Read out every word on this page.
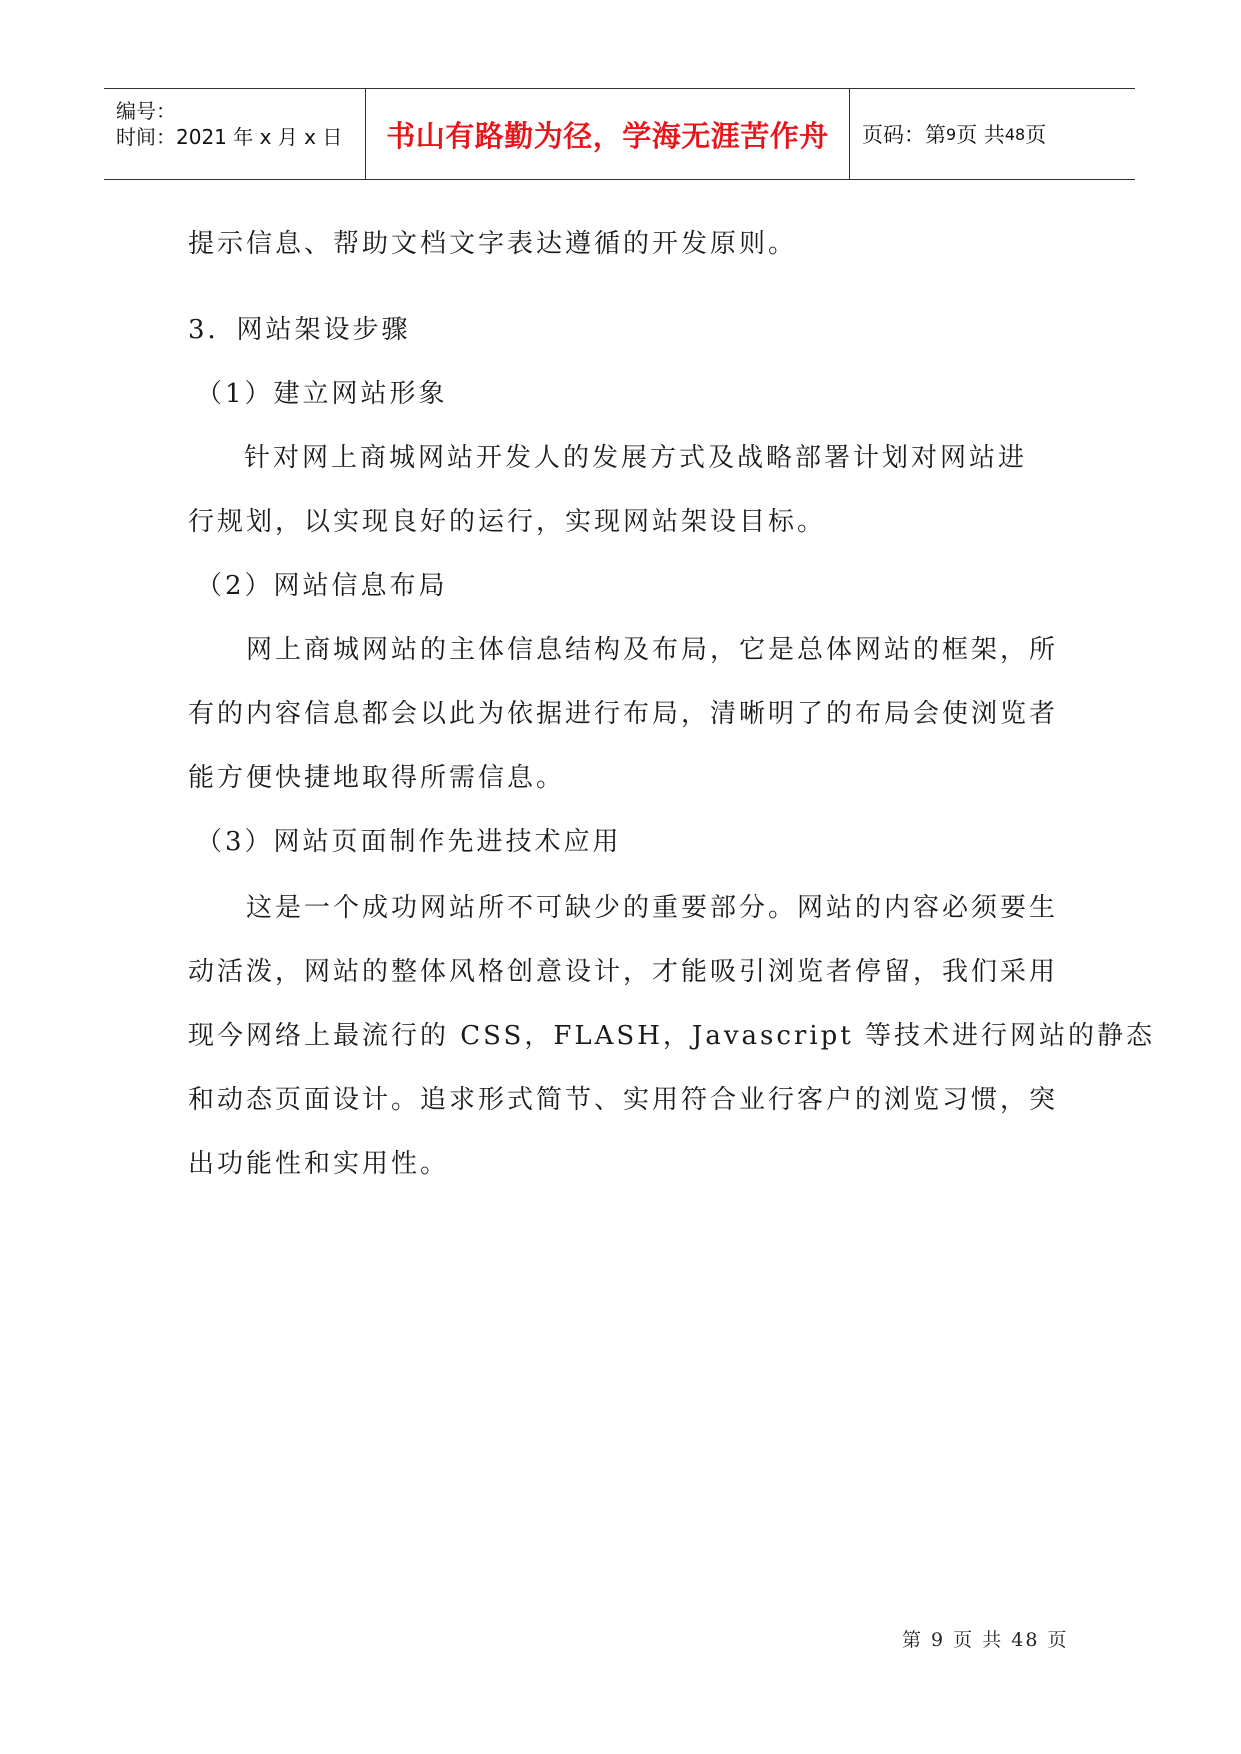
编号：
时间：2021 年 x 月 x 日 书山有路勤为径，学海无涯苦作舟 页码：第 9 页 共 48 页
提示信息、帮助文档文字表达遵循的开发原则。
3．网站架设步骤
（1）建立网站形象
针对网上商城网站开发人的发展方式及战略部署计划对网站进
行规划，以实现良好的运行，实现网站架设目标。
（2）网站信息布局
网上商城网站的主体信息结构及布局，它是总体网站的框架，所
有的内容信息都会以此为依据进行布局，清晰明了的布局会使浏览者
能方便快捷地取得所需信息。
（3）网站页面制作先进技术应用
这是一个成功网站所不可缺少的重要部分。网站的内容必须要生
动活泼，网站的整体风格创意设计，才能吸引浏览者停留，我们采用
现今网络上最流行的 CSS，FLASH，Javascript 等技术进行网站的静态
和动态页面设计。追求形式简节、实用符合业行客户的浏览习惯，突
出功能性和实用性。
第 9 页 共 48 页
